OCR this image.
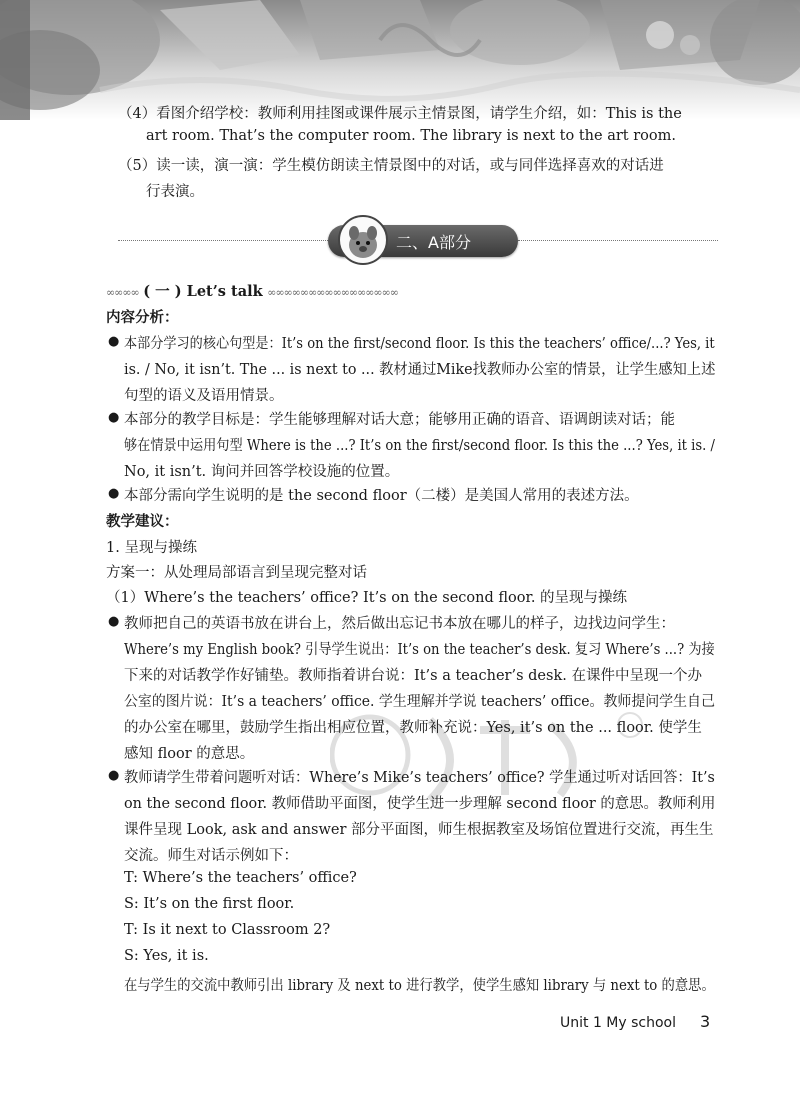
（4）看图介绍学校：教师利用挂图或课件展示主情景图，请学生介绍，如：This is the
art room. That’s the computer room. The library is next to the art room.
（5）读一读，演一演：学生模仿朗读主情景图中的对话，或与同伴选择喜欢的对话进
行表演。
二、A部分
∞∞∞∞ ( 一 ) Let’s talk ∞∞∞∞∞∞∞∞∞∞∞∞∞∞∞∞
内容分析：
● 本部分学习的核心句型是：It’s on the first/second floor. Is this the teachers’ office/...? Yes, it
is. / No, it isn’t. The ... is next to ... 教材通过Mike找教师办公室的情景，让学生感知上述
句型的语义及语用情景。
● 本部分的教学目标是：学生能够理解对话大意；能够用正确的语音、语调朗读对话；能
够在情景中运用句型 Where is the ...? It’s on the first/second floor. Is this the ...? Yes, it is. /
No, it isn’t. 询问并回答学校设施的位置。
● 本部分需向学生说明的是 the second floor（二楼）是美国人常用的表述方法。
教学建议：
1. 呈现与操练
方案一：从处理局部语言到呈现完整对话
（1）Where’s the teachers’ office? It’s on the second floor. 的呈现与操练
● 教师把自己的英语书放在讲台上，然后做出忘记书本放在哪儿的样子，边找边问学生：
Where’s my English book? 引导学生说出：It’s on the teacher’s desk. 复习 Where’s ...? 为接
下来的对话教学作好铺垫。教师指着讲台说：It’s a teacher’s desk. 在课件中呈现一个办
公室的图片说：It’s a teachers’ office. 学生理解并学说 teachers’ office。教师提问学生自己
的办公室在哪里，鼓励学生指出相应位置，教师补充说：Yes, it’s on the ... floor. 使学生
感知 floor 的意思。
● 教师请学生带着问题听对话：Where’s Mike’s teachers’ office? 学生通过听对话回答：It’s
on the second floor. 教师借助平面图，使学生进一步理解 second floor 的意思。教师利用
课件呈现 Look, ask and answer 部分平面图，师生根据教室及场馆位置进行交流，再生生
交流。师生对话示例如下：
T: Where’s the teachers’ office?
S: It’s on the first floor.
T: Is it next to Classroom 2?
S: Yes, it is.
在与学生的交流中教师引出 library 及 next to 进行教学，使学生感知 library 与 next to 的意思。
Unit 1 My school 3
